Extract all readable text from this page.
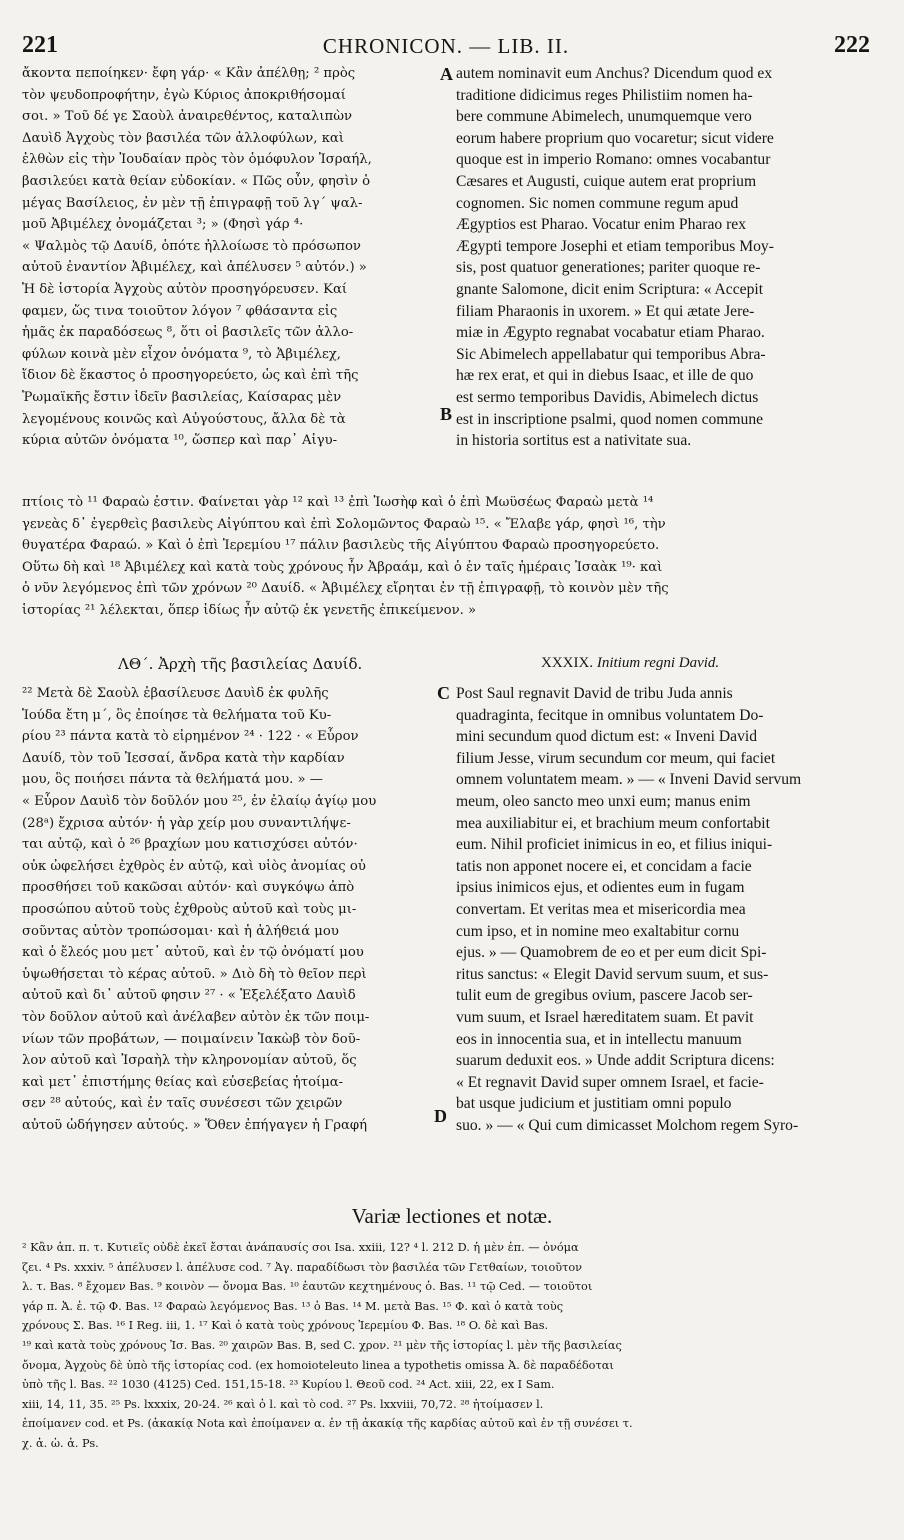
221	CHRONICON. — LIB. II.	222
A
B
C
D
ἄκοντα πεποίηκεν· ἔφη γάρ· « Κἂν ἀπέλθῃ; ² πρὸς
τὸν ψευδοπροφήτην, ἐγὼ Κύριος ἀποκριθήσομαί
σοι. » Τοῦ δέ γε Σαοὺλ ἀναιρεθέντος, καταλιπὼν
Δαυὶδ Ἀγχοὺς τὸν βασιλέα τῶν ἀλλοφύλων, καὶ
ἐλθὼν εἰς τὴν Ἰουδαίαν πρὸς τὸν ὁμόφυλον Ἰσραήλ,
βασιλεύει κατὰ θείαν εὐδοκίαν. « Πῶς οὖν, φησὶν ὁ
μέγας Βασίλειος, ἐν μὲν τῇ ἐπιγραφῇ τοῦ λγ΄ ψαλ-
μοῦ Ἀβιμέλεχ ὀνομάζεται ³; » (Φησὶ γάρ ⁴·
« Ψαλμὸς τῷ Δαυίδ, ὁπότε ἠλλοίωσε τὸ πρόσωπον
αὐτοῦ ἐναντίον Ἀβιμέλεχ, καὶ ἀπέλυσεν ⁵ αὐτόν.) »
Ἡ δὲ ἱστορία Ἀγχοὺς αὐτὸν προσηγόρευσεν. Καί
φαμεν, ὥς τινα τοιοῦτον λόγον ⁷ φθάσαντα εἰς
ἡμᾶς ἐκ παραδόσεως ⁸, ὅτι οἱ βασιλεῖς τῶν ἀλλο-
φύλων κοινὰ μὲν εἶχον ὀνόματα ⁹, τὸ Ἀβιμέλεχ,
ἴδιον δὲ ἕκαστος ὁ προσηγορεύετο, ὡς καὶ ἐπὶ τῆς
Ῥωμαϊκῆς ἔστιν ἰδεῖν βασιλείας, Καίσαρας μὲν
λεγομένους κοινῶς καὶ Αὐγούστους, ἄλλα δὲ τὰ
κύρια αὐτῶν ὀνόματα ¹⁰, ὥσπερ καὶ παρ᾽ Αἰγυ-
autem nominavit eum Anchus? Dicendum quod ex
traditione didicimus reges Philistiim nomen ha-
bere commune Abimelech, unumquemque vero
eorum habere proprium quo vocaretur; sicut videre
quoque est in imperio Romano: omnes vocabantur
Cæsares et Augusti, cuique autem erat proprium
cognomen. Sic nomen commune regum apud
Ægyptios est Pharao. Vocatur enim Pharao rex
Ægypti tempore Josephi et etiam temporibus Moy-
sis, post quatuor generationes; pariter quoque re-
gnante Salomone, dicit enim Scriptura: « Accepit
filiam Pharaonis in uxorem. » Et qui ætate Jere-
miæ in Ægypto regnabat vocabatur etiam Pharao.
Sic Abimelech appellabatur qui temporibus Abra-
hæ rex erat, et qui in diebus Isaac, et ille de quo
est sermo temporibus Davidis, Abimelech dictus
est in inscriptione psalmi, quod nomen commune
in historia sortitus est a nativitate sua.
πτίοις τὸ ¹¹ Φαραὼ ἐστιν. Φαίνεται γὰρ ¹² καὶ ¹³ ἐπὶ Ἰωσὴφ καὶ ὁ ἐπὶ Μωϋσέως Φαραὼ μετὰ ¹⁴
γενεὰς δ᾽ ἐγερθεὶς βασιλεὺς Αἰγύπτου καὶ ἐπὶ Σολομῶντος Φαραὼ ¹⁵. « Ἔλαβε γάρ, φησὶ ¹⁶, τὴν
θυγατέρα Φαραώ. » Καὶ ὁ ἐπὶ Ἱερεμίου ¹⁷ πάλιν βασιλεὺς τῆς Αἰγύπτου Φαραὼ προσηγορεύετο.
Οὕτω δὴ καὶ ¹⁸ Ἀβιμέλεχ καὶ κατὰ τοὺς χρόνους ἦν Ἀβραάμ, καὶ ὁ ἐν ταῖς ἡμέραις Ἰσαὰκ ¹⁹· καὶ
ὁ νῦν λεγόμενος ἐπὶ τῶν χρόνων ²⁰ Δαυίδ. « Ἀβιμέλεχ εἴρηται ἐν τῇ ἐπιγραφῇ, τὸ κοινὸν μὲν τῆς
ἱστορίας ²¹ λέλεκται, ὅπερ ἰδίως ἦν αὐτῷ ἐκ γενετῆς ἐπικείμενον. »
ΛΘ΄. Ἀρχὴ τῆς βασιλείας Δαυίδ.	XXXIX. Initium regni David.
²² Μετὰ δὲ Σαοὺλ ἐβασίλευσε Δαυὶδ ἐκ φυλῆς
Ἰούδα ἔτη μ΄, ὃς ἐποίησε τὰ θελήματα τοῦ Κυ-
ρίου ²³ πάντα κατὰ τὸ εἰρημένον ²⁴ · 122 · « Εὗρον
Δαυίδ, τὸν τοῦ Ἰεσσαί, ἄνδρα κατὰ τὴν καρδίαν
μου, ὃς ποιήσει πάντα τὰ θελήματά μου. » —
« Εὗρον Δαυὶδ τὸν δοῦλόν μου ²⁵, ἐν ἐλαίῳ ἁγίῳ μου
(28ᵃ) ἔχρισα αὐτόν· ἡ γὰρ χείρ μου συναντιλήψε-
ται αὐτῷ, καὶ ὁ ²⁶ βραχίων μου κατισχύσει αὐτόν·
οὐκ ὠφελήσει ἐχθρὸς ἐν αὐτῷ, καὶ υἱὸς ἀνομίας οὐ
προσθήσει τοῦ κακῶσαι αὐτόν· καὶ συγκόψω ἀπὸ
προσώπου αὐτοῦ τοὺς ἐχθροὺς αὐτοῦ καὶ τοὺς μι-
σοῦντας αὐτὸν τροπώσομαι· καὶ ἡ ἀλήθειά μου
καὶ ὁ ἔλεός μου μετ᾽ αὐτοῦ, καὶ ἐν τῷ ὀνόματί μου
ὑψωθήσεται τὸ κέρας αὐτοῦ. » Διὸ δὴ τὸ θεῖον περὶ
αὐτοῦ καὶ δι᾽ αὐτοῦ φησιν ²⁷ · « Ἐξελέξατο Δαυὶδ
τὸν δοῦλον αὐτοῦ καὶ ἀνέλαβεν αὐτὸν ἐκ τῶν ποιμ-
νίων τῶν προβάτων, — ποιμαίνειν Ἰακὼβ τὸν δοῦ-
λον αὐτοῦ καὶ Ἰσραὴλ τὴν κληρονομίαν αὐτοῦ, ὅς
καὶ μετ᾽ ἐπιστήμης θείας καὶ εὐσεβείας ἡτοίμα-
σεν ²⁸ αὐτούς, καὶ ἐν ταῖς συνέσεσι τῶν χειρῶν
αὐτοῦ ὡδήγησεν αὐτούς. » Ὅθεν ἐπήγαγεν ἡ Γραφή
Post Saul regnavit David de tribu Juda annis
quadraginta, fecitque in omnibus voluntatem Do-
mini secundum quod dictum est: « Inveni David
filium Jesse, virum secundum cor meum, qui faciet
omnem voluntatem meam. » — « Inveni David servum
meum, oleo sancto meo unxi eum; manus enim
mea auxiliabitur ei, et brachium meum confortabit
eum. Nihil proficiet inimicus in eo, et filius iniqui-
tatis non apponet nocere ei, et concidam a facie
ipsius inimicos ejus, et odientes eum in fugam
convertam. Et veritas mea et misericordia mea
cum ipso, et in nomine meo exaltabitur cornu
ejus. » — Quamobrem de eo et per eum dicit Spi-
ritus sanctus: « Elegit David servum suum, et sus-
tulit eum de gregibus ovium, pascere Jacob ser-
vum suum, et Israel hæreditatem suam. Et pavit
eos in innocentia sua, et in intellectu manuum
suarum deduxit eos. » Unde addit Scriptura dicens:
« Et regnavit David super omnem Israel, et facie-
bat usque judicium et justitiam omni populo
suo. » — « Qui cum dimicasset Molchom regem Syro-
Variæ lectiones et notæ.
² Κἂν ἀπ. π. τ. Κυτιεῖς οὐδὲ ἐκεῖ ἔσται ἀνάπαυσίς σοι Isa. xxiii, 12? ⁴ l. 212 D. ἡ μὲν ἐπ. — ὀνόμα
ζει. ⁴ Ps. xxxiv. ⁵ ἀπέλυσεν l. ἀπέλυσε cod. ⁷ Ἀγ. παραδίδωσι τὸν βασιλέα τῶν Γετθαίων, τοιοῦτον
λ. τ. Bas. ⁸ ἔχομεν Bas. ⁹ κοινὸν — ὄνομα Bas. ¹⁰ ἑαυτῶν κεχτημένους ὁ. Bas. ¹¹ τῷ Ced. — τοιοῦτοι
γάρ π. Ἀ. ἐ. τῷ Φ. Bas. ¹² Φαραὼ λεγόμενος Bas. ¹³ ὁ Bas. ¹⁴ M. μετὰ Bas. ¹⁵ Φ. καὶ ὁ κατὰ τοὺς
χρόνους Σ. Bas. ¹⁶ I Reg. iii, 1. ¹⁷ Καὶ ὁ κατὰ τοὺς χρόνους Ἱερεμίου Φ. Bas. ¹⁸ O. δὲ καὶ Bas.
¹⁹ καὶ κατὰ τοὺς χρόνους Ἰσ. Bas. ²⁰ χαιρῶν Bas. B, sed C. χρον. ²¹ μὲν τῆς ἱστορίας l. μὲν τῆς βασιλείας
ὄνομα, Ἀγχοὺς δὲ ὑπὸ τῆς ἱστορίας cod. (ex homoioteleuto linea a typothetis omissa Ἀ. δὲ παραδέδοται
ὑπὸ τῆς l. Bas. ²² 1030 (4125) Ced. 151,15-18. ²³ Κυρίου l. Θεοῦ cod. ²⁴ Act. xiii, 22, ex I Sam.
xiii, 14, 11, 35. ²⁵ Ps. lxxxix, 20-24. ²⁶ καὶ ὁ l. καὶ τὸ cod. ²⁷ Ps. lxxviii, 70,72. ²⁸ ἡτοίμασεν l.
ἐποίμανεν cod. et Ps. (ἀκακίᾳ Nota καὶ ἐποίμανεν α. ἐν τῇ ἀκακίᾳ τῆς καρδίας αὐτοῦ καὶ ἐν τῇ συνέσει τ.
χ. ἀ. ὠ. ἀ. Ps.
